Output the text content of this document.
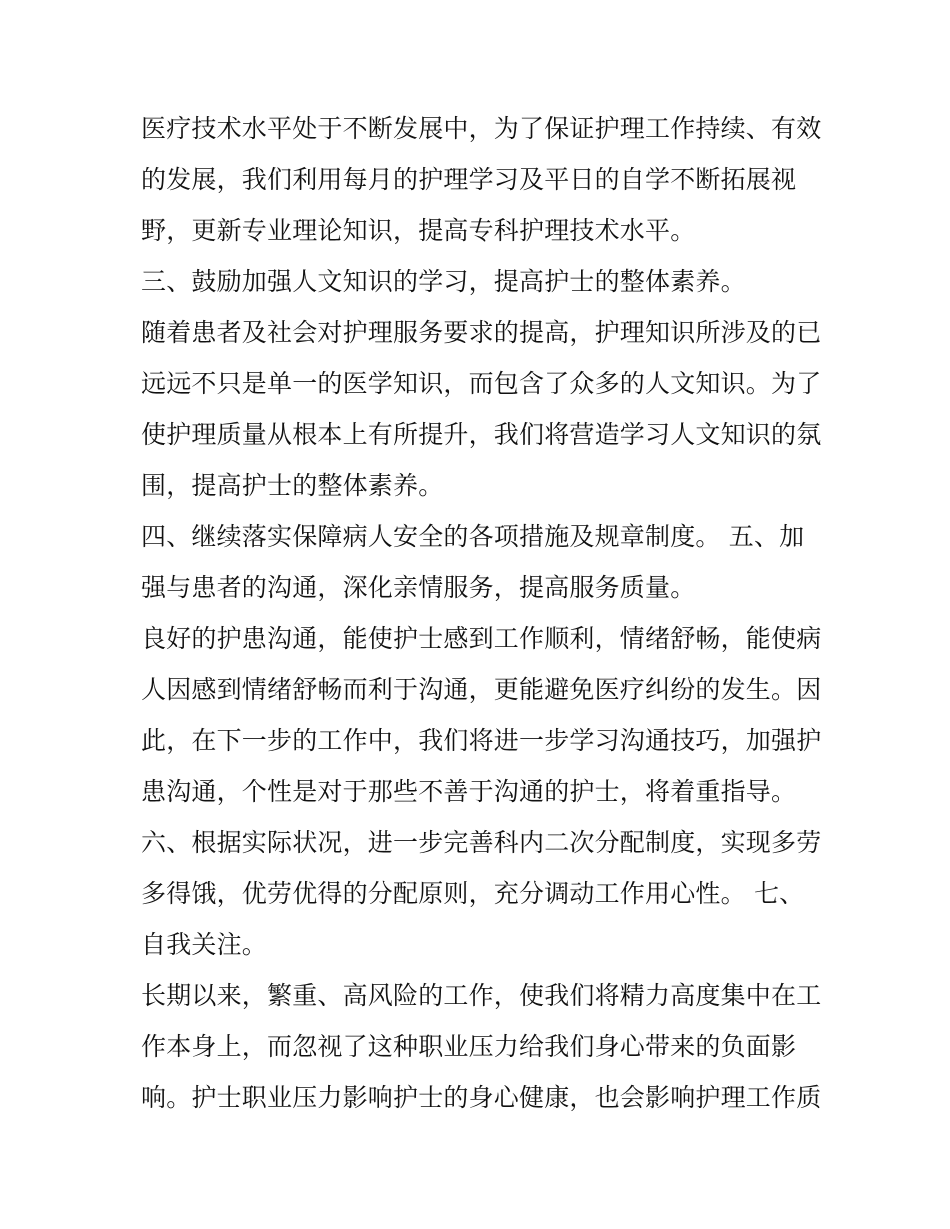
医疗技术水平处于不断发展中，为了保证护理工作持续、有效
的发展，我们利用每月的护理学习及平日的自学不断拓展视
野，更新专业理论知识，提高专科护理技术水平。
三、鼓励加强人文知识的学习，提高护士的整体素养。
随着患者及社会对护理服务要求的提高，护理知识所涉及的已
远远不只是单一的医学知识，而包含了众多的人文知识。为了
使护理质量从根本上有所提升，我们将营造学习人文知识的氛
围，提高护士的整体素养。
四、继续落实保障病人安全的各项措施及规章制度。 五、加
强与患者的沟通，深化亲情服务，提高服务质量。
良好的护患沟通，能使护士感到工作顺利，情绪舒畅，能使病
人因感到情绪舒畅而利于沟通，更能避免医疗纠纷的发生。因
此，在下一步的工作中，我们将进一步学习沟通技巧，加强护
患沟通，个性是对于那些不善于沟通的护士，将着重指导。
六、根据实际状况，进一步完善科内二次分配制度，实现多劳
多得饿，优劳优得的分配原则，充分调动工作用心性。 七、
自我关注。
长期以来，繁重、高风险的工作，使我们将精力高度集中在工
作本身上，而忽视了这种职业压力给我们身心带来的负面影
响。护士职业压力影响护士的身心健康，也会影响护理工作质
